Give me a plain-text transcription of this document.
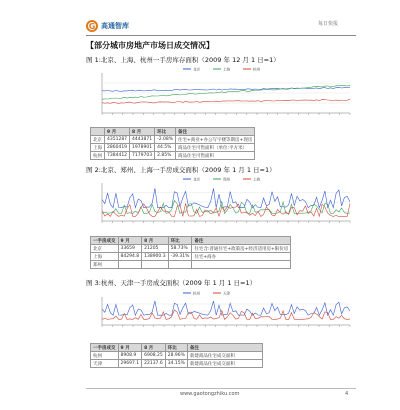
G 高通智库	每日快报
【部分城市房地产市场日成交情况】
图 1:北京、上海、杭州一手房库存面积（2009 年 12 月 1 日=1）
北京	上海	杭州
	9 月	8 月	环比	备注
北京	4351287	4443871	-2.08%	住宅+商业+办公写字楼等期房+现房
上海	2860419	1978901	44.5%	商品住宅可售面积（单位:平方米）
杭州	7384412	7179703	2.85%	商品住宅可售面积
图 2:北京、郑州、上海一手房成交面积（2009 年 1 月 1 日=1）
北京	郑州	上海
一手房成交	9 月	8 月	环比	备注
北京	33659	21205	58.73%	住宅含:普通住宅+政策房+经济适用房+限价房
上海	84294.8	138900.3	-39.31%	住宅+商办
郑州				
图 3:杭州、天津一手房成交面积（2009 年 1 月 1 日=1）
杭州	天津
一手房成交	9 月	8 月	环比	备注
杭州	8908.9	6908.25	28.96%	新建商品住宅成交面积
天津	29697.1	22137.6	34.15%	新建商品住宅成交面积
www.gaotongzhiku.com	4
